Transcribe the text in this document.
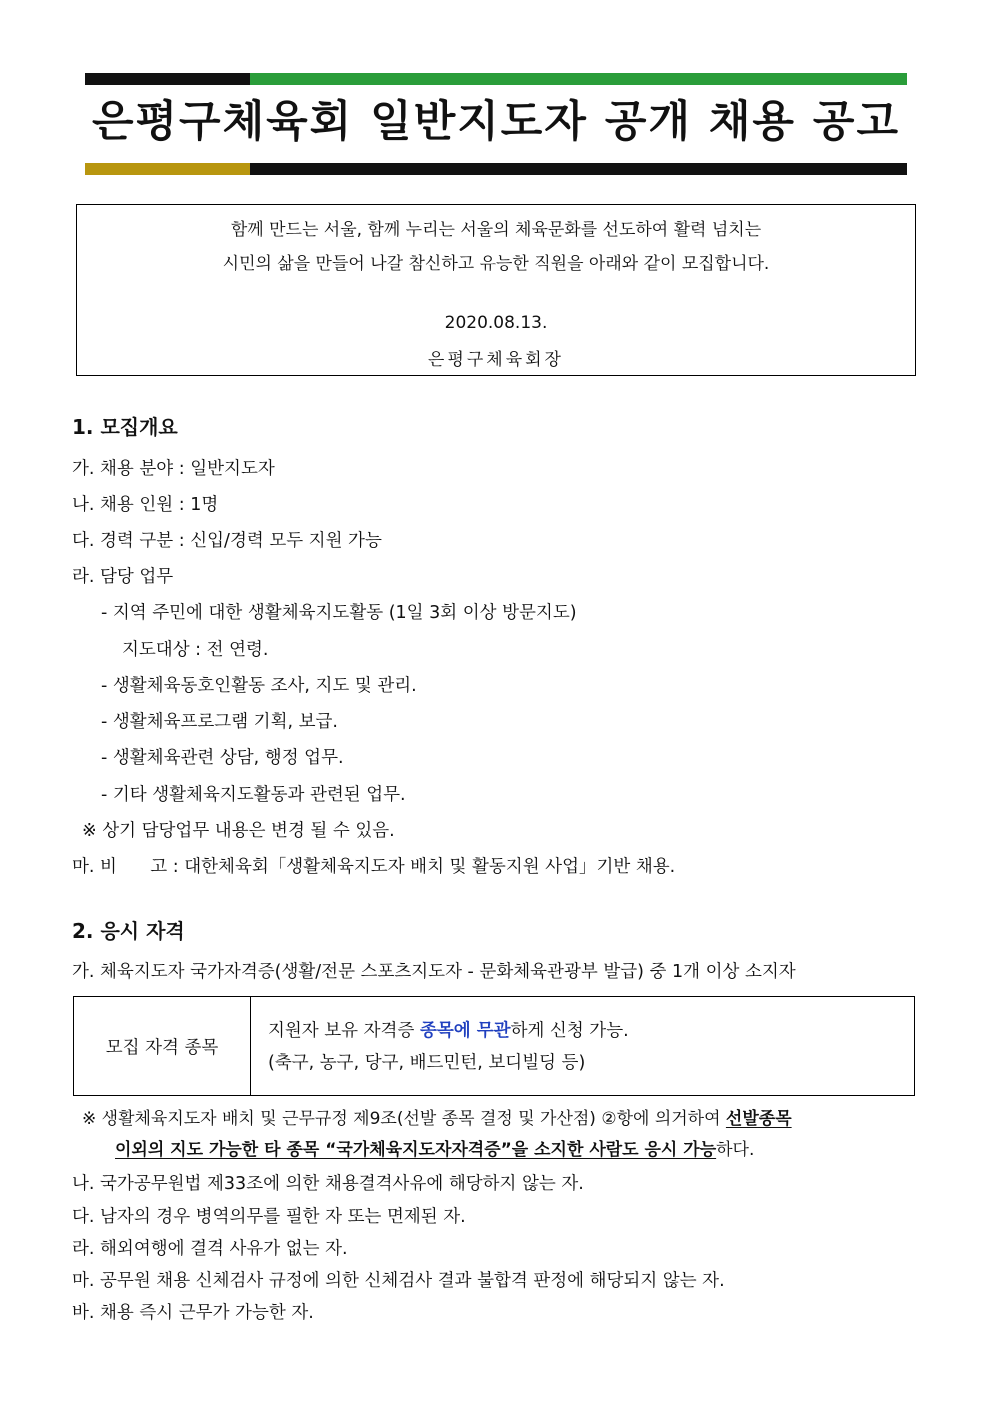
은평구체육회 일반지도자 공개 채용 공고
함께 만드는 서울, 함께 누리는 서울의 체육문화를 선도하여 활력 넘치는
시민의 삶을 만들어 나갈 참신하고 유능한 직원을 아래와 같이 모집합니다.
2020.08.13.
은평구체육회장
1. 모집개요
가. 채용 분야 : 일반지도자
나. 채용 인원 : 1명
다. 경력 구분 : 신입/경력 모두 지원 가능
라. 담당 업무
- 지역 주민에 대한 생활체육지도활동 (1일 3회 이상 방문지도)
지도대상 : 전 연령.
- 생활체육동호인활동 조사, 지도 및 관리.
- 생활체육프로그램 기획, 보급.
- 생활체육관련 상담, 행정 업무.
- 기타 생활체육지도활동과 관련된 업무.
※ 상기 담당업무 내용은 변경 될 수 있음.
마. 비      고 : 대한체육회「생활체육지도자 배치 및 활동지원 사업」기반 채용.
2. 응시 자격
가. 체육지도자 국가자격증(생활/전문 스포츠지도자 - 문화체육관광부 발급) 중 1개 이상 소지자
모집 자격 종목
지원자 보유 자격증 종목에 무관하게 신청 가능.
(축구, 농구, 당구, 배드민턴, 보디빌딩 등)
※ 생활체육지도자 배치 및 근무규정 제9조(선발 종목 결정 및 가산점) ②항에 의거하여 선발종목
이외의 지도 가능한 타 종목 “국가체육지도자자격증”을 소지한 사람도 응시 가능하다.
나. 국가공무원법 제33조에 의한 채용결격사유에 해당하지 않는 자.
다. 남자의 경우 병역의무를 필한 자 또는 면제된 자.
라. 해외여행에 결격 사유가 없는 자.
마. 공무원 채용 신체검사 규정에 의한 신체검사 결과 불합격 판정에 해당되지 않는 자.
바. 채용 즉시 근무가 가능한 자.
